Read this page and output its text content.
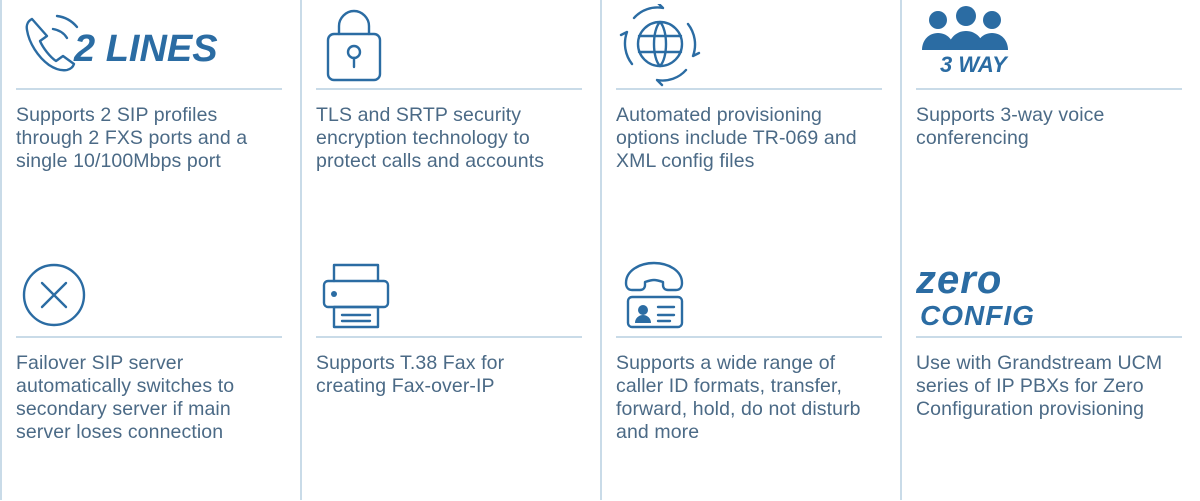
2 LINES
Supports 2 SIP profiles through 2 FXS ports and a single 10/100Mbps port
TLS and SRTP security encryption technology to protect calls and accounts
Automated provisioning options include TR-069 and XML config files
3 WAY
Supports 3-way voice conferencing
Failover SIP server automatically switches to secondary server if main server loses connection
Supports T.38 Fax for creating Fax-over-IP
Supports a wide range of caller ID formats, transfer, forward, hold, do not disturb and more
zero
CONFIG
Use with Grandstream UCM series of IP PBXs for Zero Configuration provisioning
